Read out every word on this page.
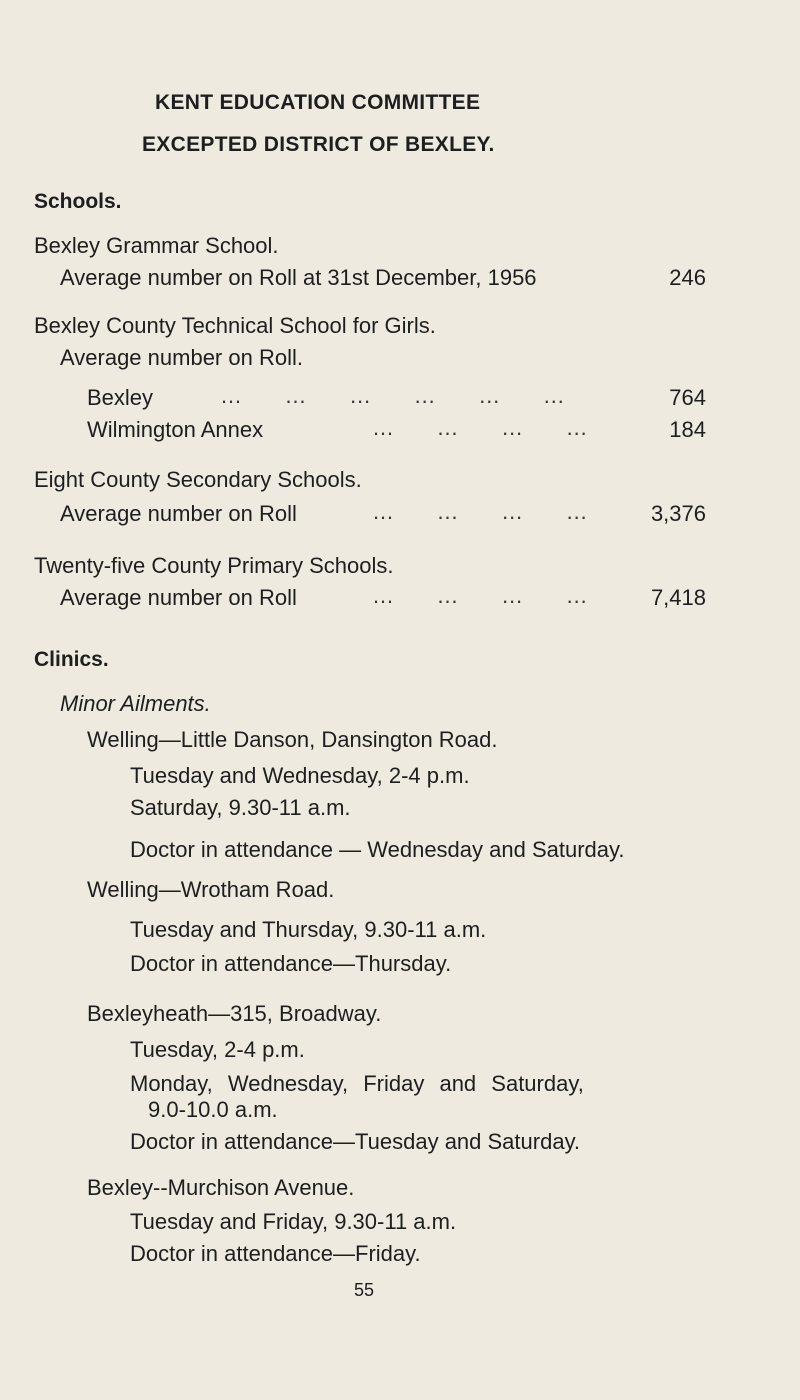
KENT EDUCATION COMMITTEE
EXCEPTED DISTRICT OF BEXLEY.
Schools.
Bexley Grammar School.
Average number on Roll at 31st December, 1956	246
Bexley County Technical School for Girls.
Average number on Roll.
Bexley	…     …     …     …     …     …	764
Wilmington Annex	…     …     …     …	184
Eight County Secondary Schools.
Average number on Roll	…     …     …     …	3,376
Twenty-five County Primary Schools.
Average number on Roll	…     …     …     …	7,418
Clinics.
Minor Ailments.
Welling—Little Danson, Dansington Road.
Tuesday and Wednesday, 2-4 p.m.
Saturday, 9.30-11 a.m.
Doctor in attendance — Wednesday and Saturday.
Welling—Wrotham Road.
Tuesday and Thursday, 9.30-11 a.m.
Doctor in attendance—Thursday.
Bexleyheath—315, Broadway.
Tuesday, 2-4 p.m.
Monday, Wednesday, Friday and Saturday,
9.0-10.0 a.m.
Doctor in attendance—Tuesday and Saturday.
Bexley--Murchison Avenue.
Tuesday and Friday, 9.30-11 a.m.
Doctor in attendance—Friday.
55
